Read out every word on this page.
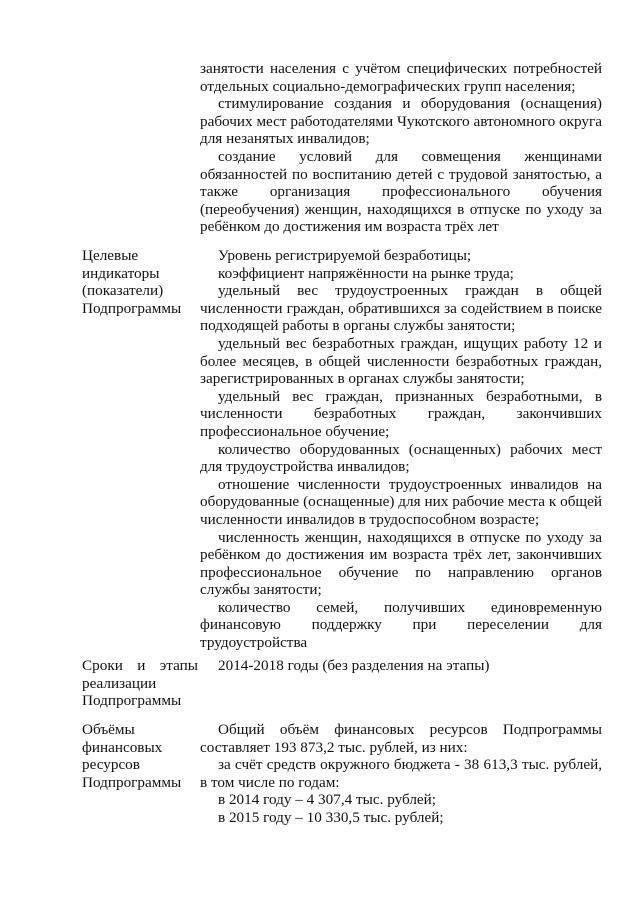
занятости населения с учётом специфических потребностей отдельных социально-демографических групп населения;

стимулирование создания и оборудования (оснащения) рабочих мест работодателями Чукотского автономного округа для незанятых инвалидов;

создание условий для совмещения женщинами обязанностей по воспитанию детей с трудовой занятостью, а также организация профессионального обучения (переобучения) женщин, находящихся в отпуске по уходу за ребёнком до достижения им возраста трёх лет

Целевые индикаторы (показатели) Подпрограммы

Уровень регистрируемой безработицы;

коэффициент напряжённости на рынке труда;

удельный вес трудоустроенных граждан в общей численности граждан, обратившихся за содействием в поиске подходящей работы в органы службы занятости;

удельный вес безработных граждан, ищущих работу 12 и более месяцев, в общей численности безработных граждан, зарегистрированных в органах службы занятости;

удельный вес граждан, признанных безработными, в численности безработных граждан, закончивших профессиональное обучение;

количество оборудованных (оснащенных) рабочих мест для трудоустройства инвалидов;

отношение численности трудоустроенных инвалидов на оборудованные (оснащенные) для них рабочие места к общей численности инвалидов в трудоспособном возрасте;

численность женщин, находящихся в отпуске по уходу за ребёнком до достижения им возраста трёх лет, закончивших профессиональное обучение по направлению органов службы занятости;

количество семей, получивших единовременную финансовую поддержку при переселении для трудоустройства

Сроки и этапы реализации Подпрограммы

2014-2018 годы (без разделения на этапы)

Объёмы финансовых ресурсов Подпрограммы

Общий объём финансовых ресурсов Подпрограммы составляет 193 873,2 тыс. рублей, из них:

за счёт средств окружного бюджета - 38 613,3 тыс. рублей, в том числе по годам:

в 2014 году – 4 307,4 тыс. рублей;

в 2015 году – 10 330,5 тыс. рублей;
